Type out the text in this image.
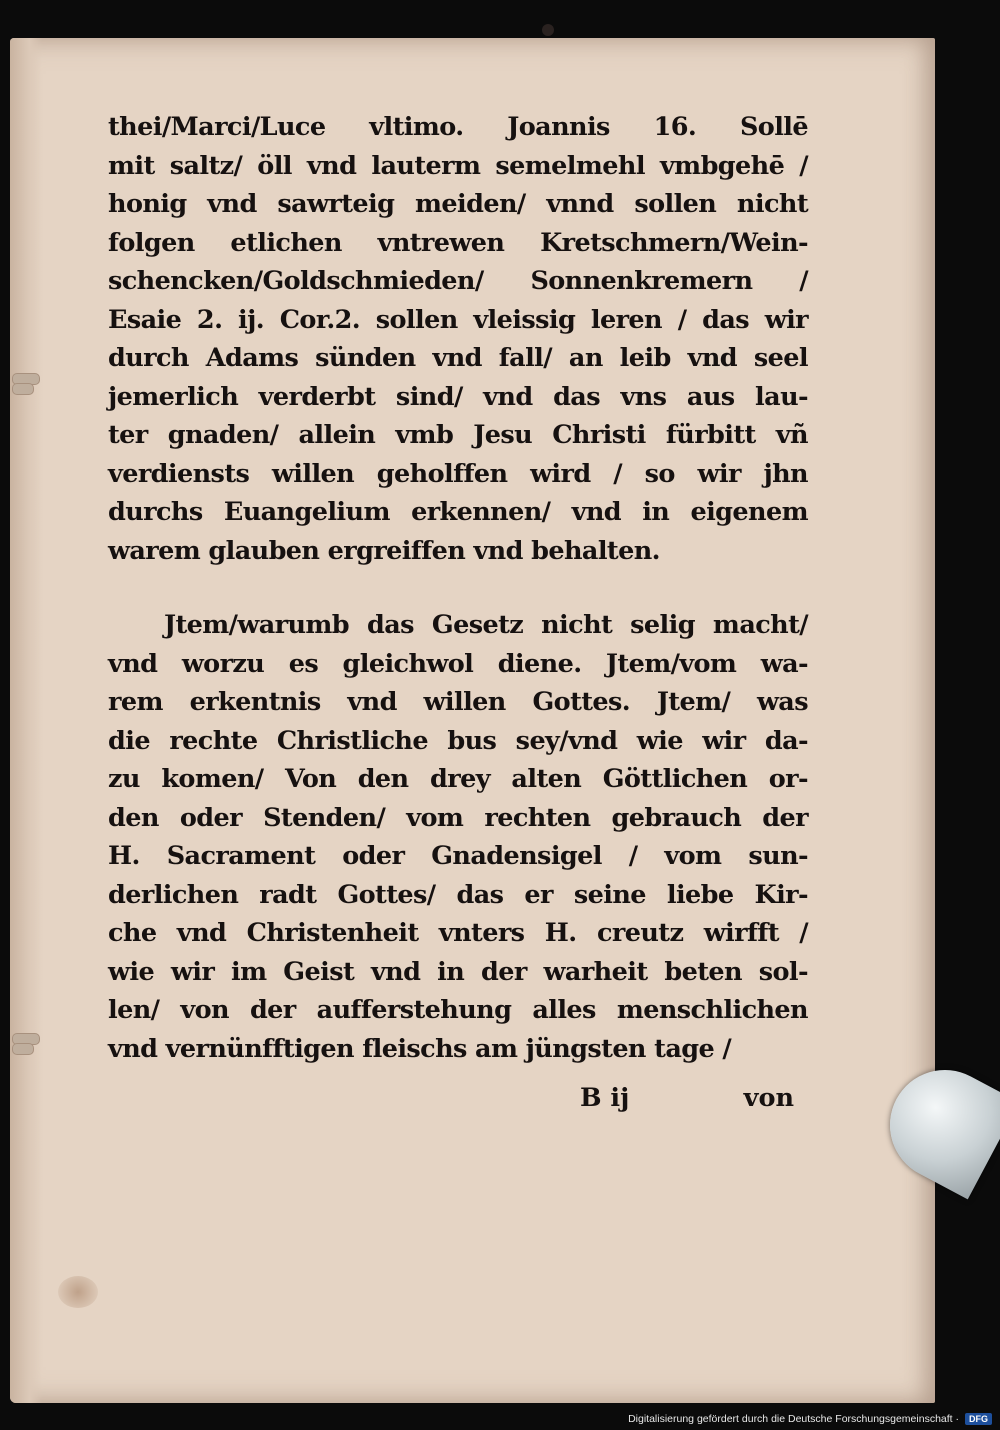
thei/Marci/Luce vltimo. Joannis 16. Sollē
mit saltz/ öll vnd lauterm semelmehl vmbgehē /
honig vnd sawrteig meiden/ vnnd sollen nicht
folgen etlichen vntrewen Kretschmern/Wein-
schencken/Goldschmieden/ Sonnenkremern /
Esaie 2. ij. Cor.2. sollen vleissig leren / das wir
durch Adams sünden vnd fall/ an leib vnd seel
jemerlich verderbt sind/ vnd das vns aus lau-
ter gnaden/ allein vmb Jesu Christi fürbitt vñ
verdiensts willen geholffen wird / so wir jhn
durchs Euangelium erkennen/ vnd in eigenem
warem glauben ergreiffen vnd behalten.
Jtem/warumb das Gesetz nicht selig macht/
vnd worzu es gleichwol diene. Jtem/vom wa-
rem erkentnis vnd willen Gottes. Jtem/ was
die rechte Christliche bus sey/vnd wie wir da-
zu komen/ Von den drey alten Göttlichen or-
den oder Stenden/ vom rechten gebrauch der
H. Sacrament oder Gnadensigel / vom sun-
derlichen radt Gottes/ das er seine liebe Kir-
che vnd Christenheit vnters H. creutz wirfft /
wie wir im Geist vnd in der warheit beten sol-
len/ von der aufferstehung alles menschlichen
vnd vernünfftigen fleischs am jüngsten tage /
B ij	von
Digitalisierung gefördert durch die Deutsche Forschungsgemeinschaft ·	DFG
